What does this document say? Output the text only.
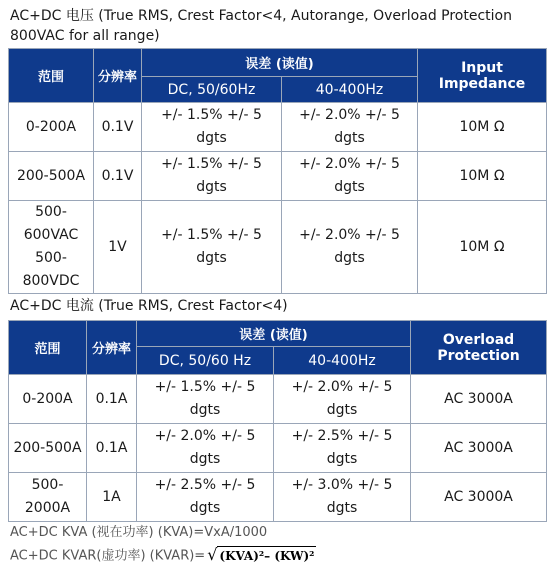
AC+DC 电压 (True RMS, Crest Factor<4, Autorange, Overload Protection
800VAC for all range)
范围	分辨率	误差 (读值)		Input Impedance
		DC, 50/60Hz	40-400Hz	
0-200A	0.1V	+/- 1.5% +/- 5 dgts	+/- 2.0% +/- 5 dgts	10M Ω
200-500A	0.1V	+/- 1.5% +/- 5 dgts	+/- 2.0% +/- 5 dgts	10M Ω
500-600VAC 500-800VDC	1V	+/- 1.5% +/- 5 dgts	+/- 2.0% +/- 5 dgts	10M Ω
AC+DC 电流 (True RMS, Crest Factor<4)
范围	分辨率	误差 (读值)		Overload Protection
		DC, 50/60 Hz	40-400Hz	
0-200A	0.1A	+/- 1.5% +/- 5 dgts	+/- 2.0% +/- 5 dgts	AC 3000A
200-500A	0.1A	+/- 2.0% +/- 5 dgts	+/- 2.5% +/- 5 dgts	AC 3000A
500-2000A	1A	+/- 2.5% +/- 5 dgts	+/- 3.0% +/- 5 dgts	AC 3000A
AC+DC KVA (视在功率) (KVA)=VxA/1000
AC+DC KVAR(虚功率) (KVAR)= √ (KVA)²– (KW)²
